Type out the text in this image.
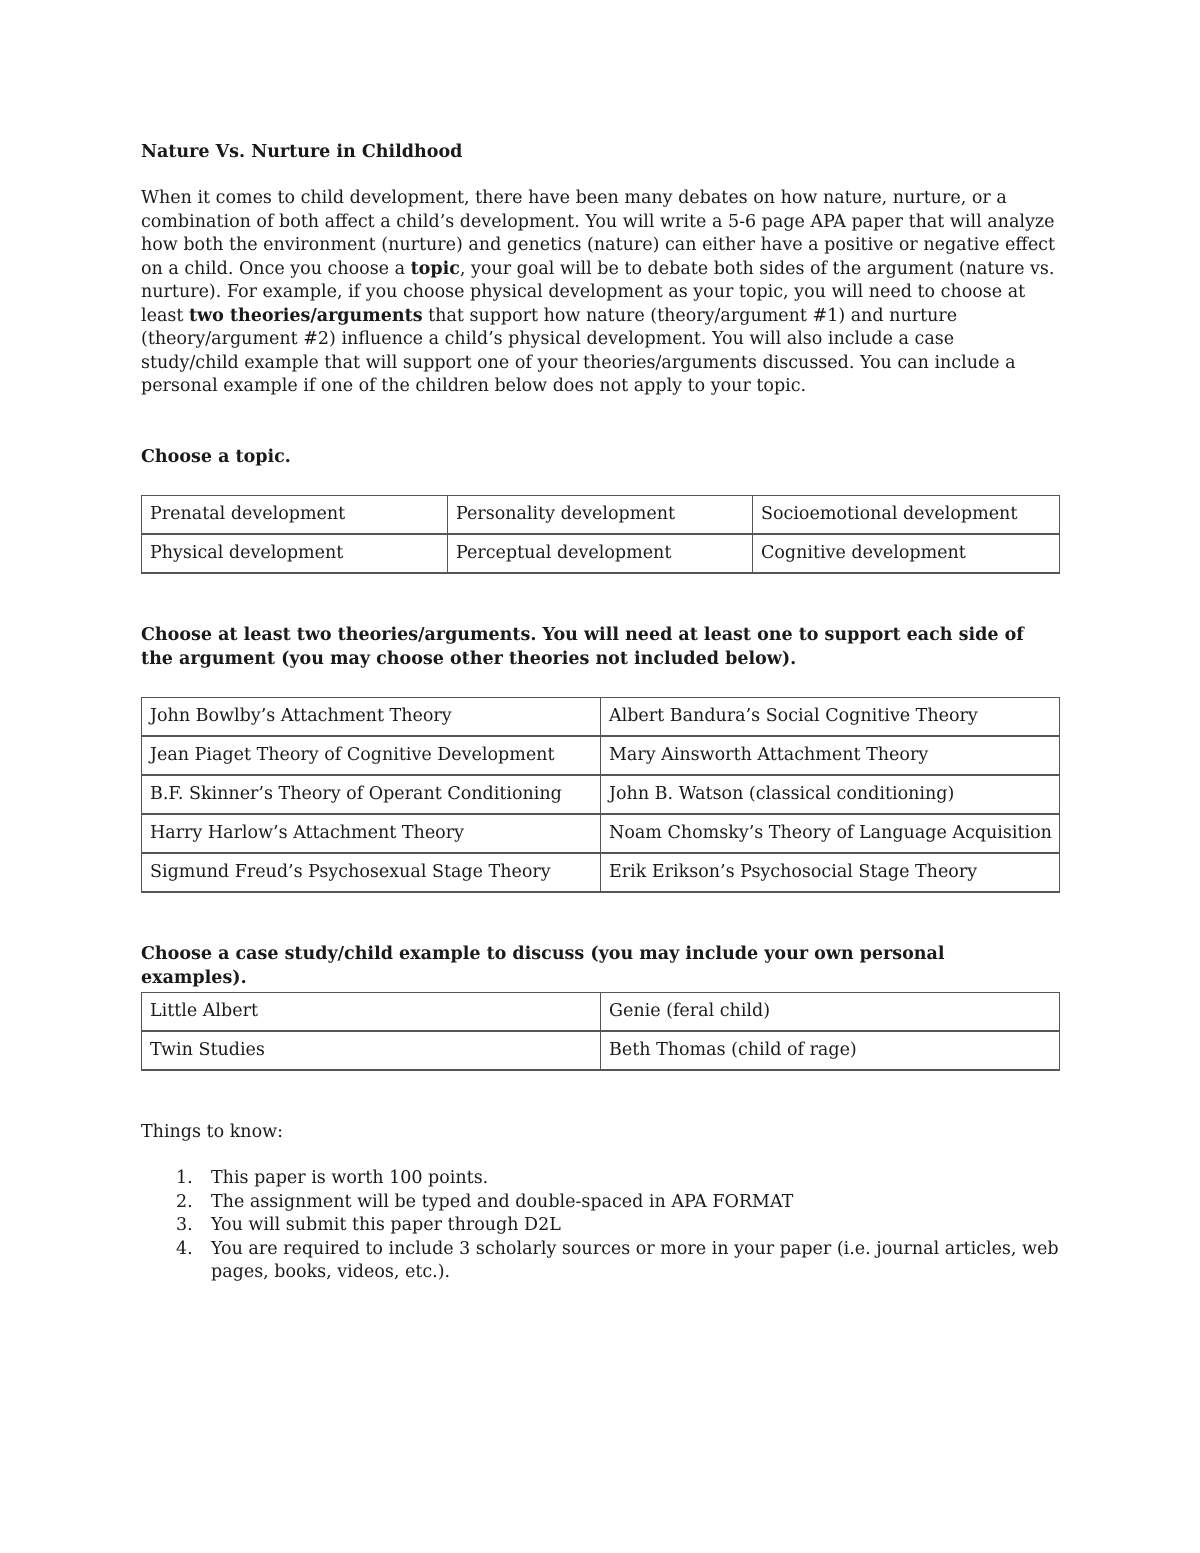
Nature Vs. Nurture in Childhood

When it comes to child development, there have been many debates on how nature, nurture, or a combination of both affect a child’s development. You will write a 5-6 page APA paper that will analyze how both the environment (nurture) and genetics (nature) can either have a positive or negative effect on a child. Once you choose a topic, your goal will be to debate both sides of the argument (nature vs. nurture). For example, if you choose physical development as your topic, you will need to choose at least two theories/arguments that support how nature (theory/argument #1) and nurture (theory/argument #2) influence a child’s physical development. You will also include a case study/child example that will support one of your theories/arguments discussed. You can include a personal example if one of the children below does not apply to your topic.

Choose a topic.

Prenatal development	Personality development	Socioemotional development
Physical development	Perceptual development	Cognitive development

Choose at least two theories/arguments. You will need at least one to support each side of the argument (you may choose other theories not included below).

John Bowlby’s Attachment Theory	Albert Bandura’s Social Cognitive Theory
Jean Piaget Theory of Cognitive Development	Mary Ainsworth Attachment Theory
B.F. Skinner’s Theory of Operant Conditioning	John B. Watson (classical conditioning)
Harry Harlow’s Attachment Theory	Noam Chomsky’s Theory of Language Acquisition
Sigmund Freud’s Psychosexual Stage Theory	Erik Erikson’s Psychosocial Stage Theory

Choose a case study/child example to discuss (you may include your own personal examples).

Little Albert	Genie (feral child)
Twin Studies	Beth Thomas (child of rage)

Things to know:

1. This paper is worth 100 points.
2. The assignment will be typed and double-spaced in APA FORMAT
3. You will submit this paper through D2L
4. You are required to include 3 scholarly sources or more in your paper (i.e. journal articles, web pages, books, videos, etc.).
